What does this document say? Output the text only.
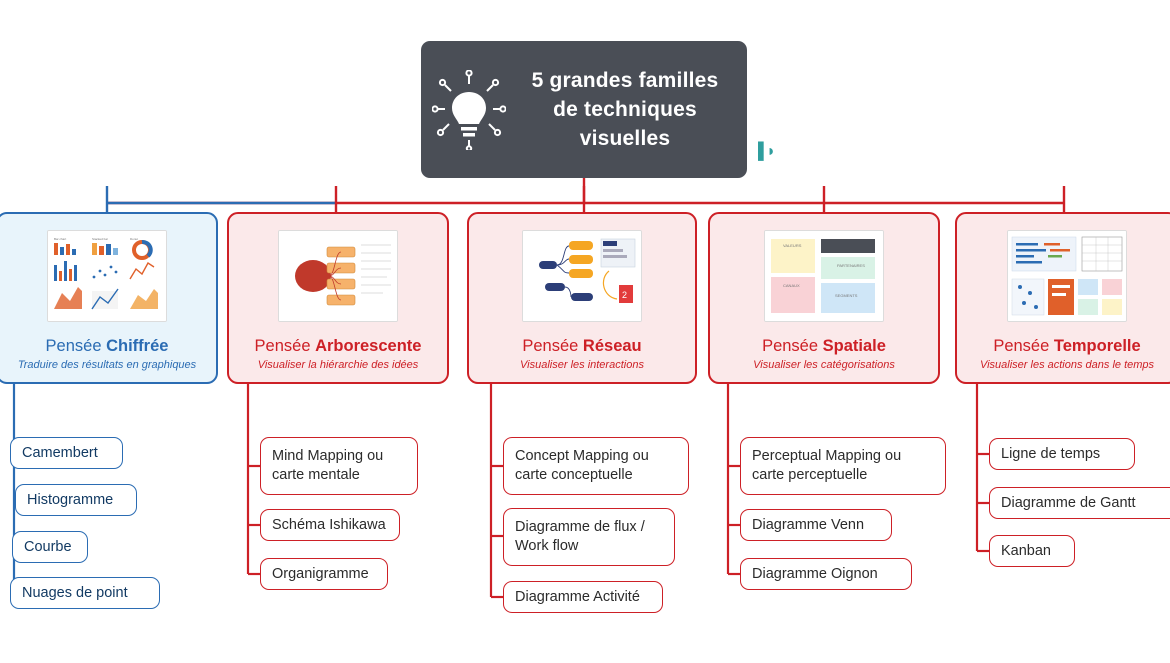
5 grandes familles
de techniques
visuelles
▌◗
Bar chart	Stacked bar	Donut
Pensée Chiffrée
Traduire des résultats en graphiques
Pensée Arborescente
Visualiser la hiérarchie des idées
2
Pensée Réseau
Visualiser les interactions
VALEURS
CANAUX
PARTENAIRES
SEGMENTS
Pensée Spatiale
Visualiser les catégorisations
Pensée Temporelle
Visualiser les actions dans le temps
Camembert
Histogramme
Courbe
Nuages de point
Mind Mapping ou carte mentale
Schéma Ishikawa
Organigramme
Concept Mapping ou carte conceptuelle
Diagramme de flux / Work flow
Diagramme Activité
Perceptual Mapping ou carte perceptuelle
Diagramme Venn
Diagramme Oignon
Ligne de temps
Diagramme de Gantt
Kanban
